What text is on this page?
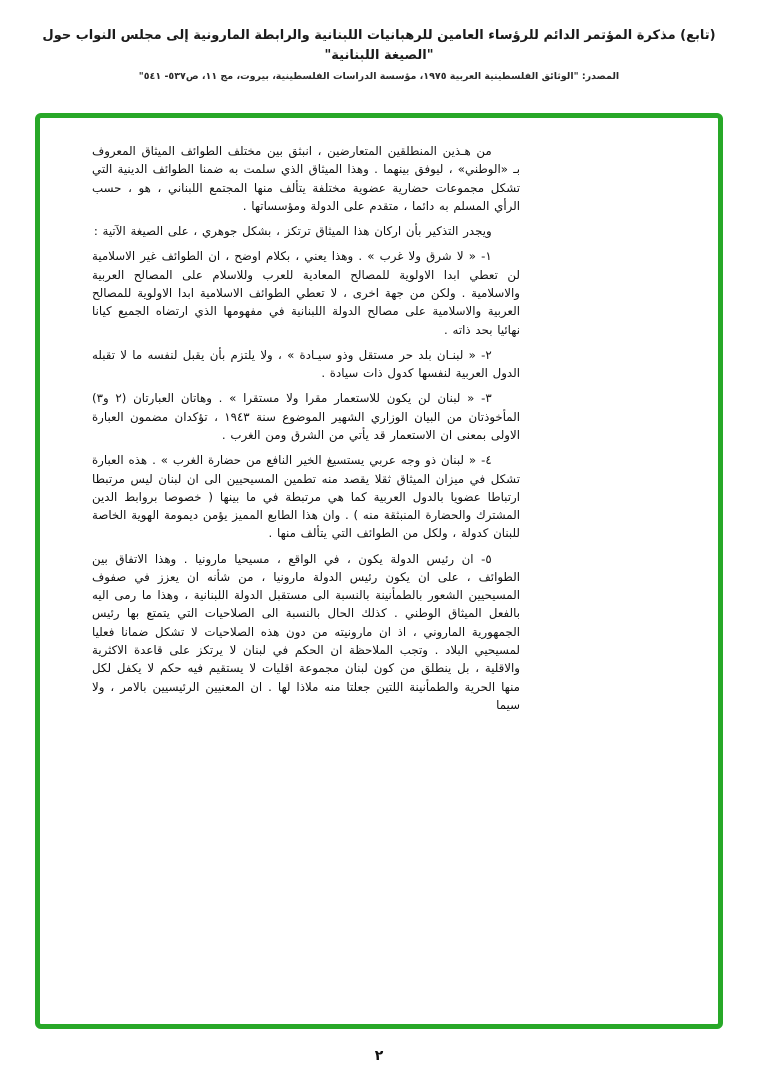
(تابع) مذكرة المؤتمر الدائم للرؤساء العامين للرهبانيات اللبنانية والرابطة المارونية إلى مجلس النواب حول "الصيغة اللبنانية"
المصدر: "الوثائق الفلسطينية العربية ١٩٧٥، مؤسسة الدراسات الفلسطينية، بيروت، مج ١١، ص٥٣٧- ٥٤١"

من هـذين المنطلقين المتعارضين ، انبثق بين مختلف الطوائف الميثاق المعروف بـ «الوطني» ، ليوفق بينهما . وهذا الميثاق الذي سلمت به ضمنا الطوائف الدينية التي تشكل مجموعات حضارية عضوية مختلفة يتألف منها المجتمع اللبناني ، هو ، حسب الرأي المسلم به دائما ، متقدم على الدولة ومؤسساتها .

ويجدر التذكير بأن اركان هذا الميثاق ترتكز ، بشكل جوهري ، على الصيغة الآتية :

١- « لا شرق ولا غرب » . وهذا يعني ، بكلام اوضح ، ان الطوائف غير الاسلامية لن تعطي ابدا الاولوية للمصالح المعادية للعرب وللاسلام على المصالح العربية والاسلامية . ولكن من جهة اخرى ، لا تعطي الطوائف الاسلامية ابدا الاولوية للمصالح العربية والاسلامية على مصالح الدولة اللبنانية في مفهومها الذي ارتضاه الجميع كيانا نهائيا بحد ذاته .

٢- « لبنـان بلد حر مستقل وذو سيـادة » ، ولا يلتزم بأن يقبل لنفسه ما لا تقبله الدول العربية لنفسها كدول ذات سيادة .

٣- « لبنان لن يكون للاستعمار مقرا ولا مستقرا » . وهاتان العبارتان (٢ و٣) المأخوذتان من البيان الوزاري الشهير الموضوع سنة ١٩٤٣ ، تؤكدان مضمون العبارة الاولى بمعنى ان الاستعمار قد يأتي من الشرق ومن الغرب .

٤- « لبنان ذو وجه عربي يستسيغ الخير النافع من حضارة الغرب » . هذه العبارة تشكل في ميزان الميثاق ثقلا يقصد منه تطمين المسيحيين الى ان لبنان ليس مرتبطا ارتباطا عضويا بالدول العربية كما هي مرتبطة في ما بينها ( خصوصا بروابط الدين المشترك والحضارة المنبثقة منه ) . وان هذا الطابع المميز يؤمن ديمومة الهوية الخاصة للبنان كدولة ، ولكل من الطوائف التي يتألف منها .

٥- ان رئيس الدولة يكون ، في الواقع ، مسيحيا مارونيا . وهذا الاتفاق بين الطوائف ، على ان يكون رئيس الدولة مارونيا ، من شأنه ان يعزز في صفوف المسيحيين الشعور بالطمأنينة بالنسبة الى مستقبل الدولة اللبنانية ، وهذا ما رمى اليه بالفعل الميثاق الوطني . كذلك الحال بالنسبة الى الصلاحيات التي يتمتع بها رئيس الجمهورية الماروني ، اذ ان مارونيته من دون هذه الصلاحيات لا تشكل ضمانا فعليا لمسيحيي البلاد . وتجب الملاحظة ان الحكم في لبنان لا يرتكز على قاعدة الاكثرية والاقلية ، بل ينطلق من كون لبنان مجموعة اقليات لا يستقيم فيه حكم لا يكفل لكل منها الحرية والطمأنينة اللتين جعلتا منه ملاذا لها . ان المعنيين الرئيسيين بالامر ، ولا سيما

٢
